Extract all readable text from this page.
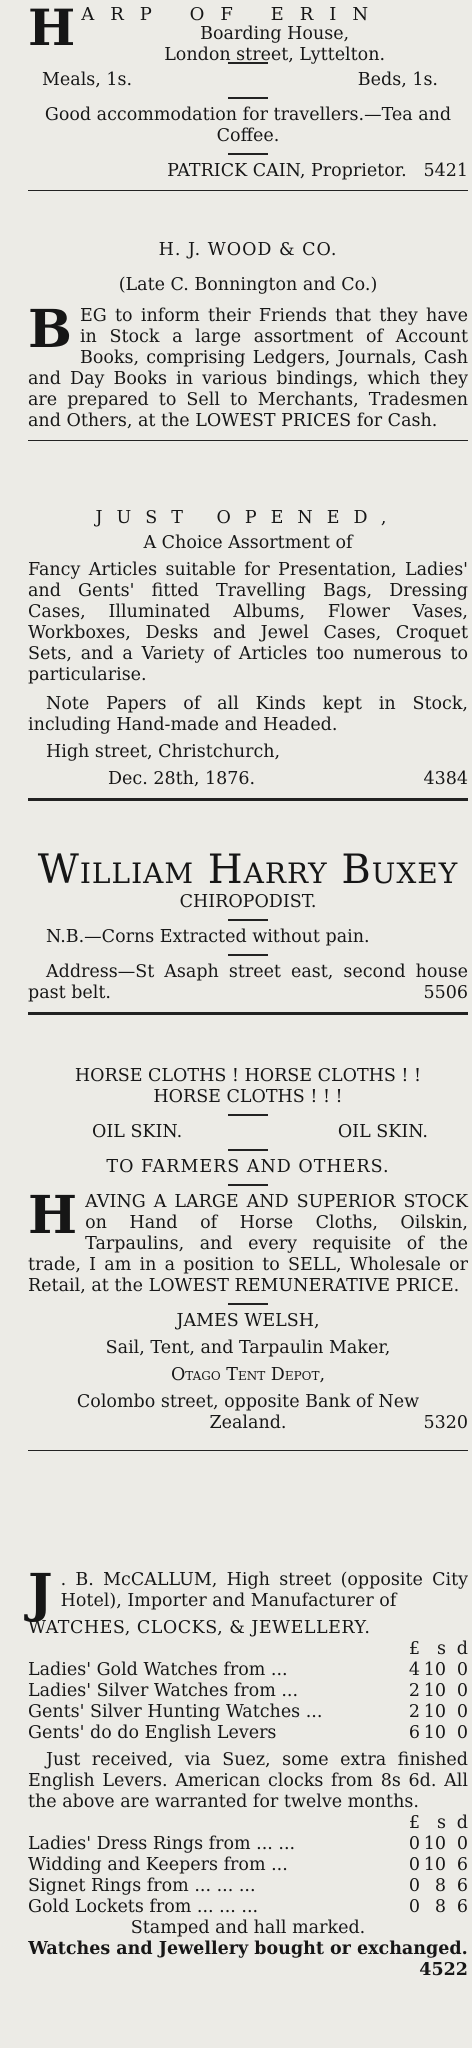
H ARP OF ERIN
Boarding House,
London street, Lyttelton.
Meals, 1s.	Beds, 1s.
Good accommodation for travellers.—Tea and Coffee.
PATRICK CAIN, Proprietor. 5421
H. J. WOOD & CO.
(Late C. Bonnington and Co.)
B EG to inform their Friends that they have in Stock a large assortment of Account Books, comprising Ledgers, Journals, Cash and Day Books in various bindings, which they are prepared to Sell to Merchants, Tradesmen and Others, at the LOWEST PRICES for Cash.
JUST OPENED,
A Choice Assortment of
Fancy Articles suitable for Presentation, Ladies' and Gents' fitted Travelling Bags, Dressing Cases, Illuminated Albums, Flower Vases, Workboxes, Desks and Jewel Cases, Croquet Sets, and a Variety of Articles too numerous to particularise.
Note Papers of all Kinds kept in Stock, including Hand-made and Headed.
High street, Christchurch,
Dec. 28th, 1876.	4384
William Harry Buxey
CHIROPODIST.
N.B.—Corns Extracted without pain.
Address—St Asaph street east, second house past belt.	5506
HORSE CLOTHS ! HORSE CLOTHS ! !
HORSE CLOTHS ! ! !
OIL SKIN.	OIL SKIN.
TO FARMERS AND OTHERS.
H AVING A LARGE AND SUPERIOR STOCK on Hand of Horse Cloths, Oilskin, Tarpaulins, and every requisite of the trade, I am in a position to SELL, Wholesale or Retail, at the LOWEST REMUNERATIVE PRICE.
JAMES WELSH,
Sail, Tent, and Tarpaulin Maker,
Otago Tent Depot,
Colombo street, opposite Bank of New Zealand.	5320
J . B. McCALLUM, High street (opposite City Hotel), Importer and Manufacturer of
WATCHES, CLOCKS, & JEWELLERY.
£ s d
Ladies' Gold Watches from ...	4 10 0
Ladies' Silver Watches from ...	2 10 0
Gents' Silver Hunting Watches ...	2 10 0
Gents' do do English Levers	6 10 0
Just received, via Suez, some extra finished English Levers. American clocks from 8s 6d. All the above are warranted for twelve months.
£ s d
Ladies' Dress Rings from ... ...	0 10 0
Widding and Keepers from ...	0 10 6
Signet Rings from ... ... ...	0 8 6
Gold Lockets from ... ... ...	0 8 6
Stamped and hall marked.
Watches and Jewellery bought or exchanged.
4522
